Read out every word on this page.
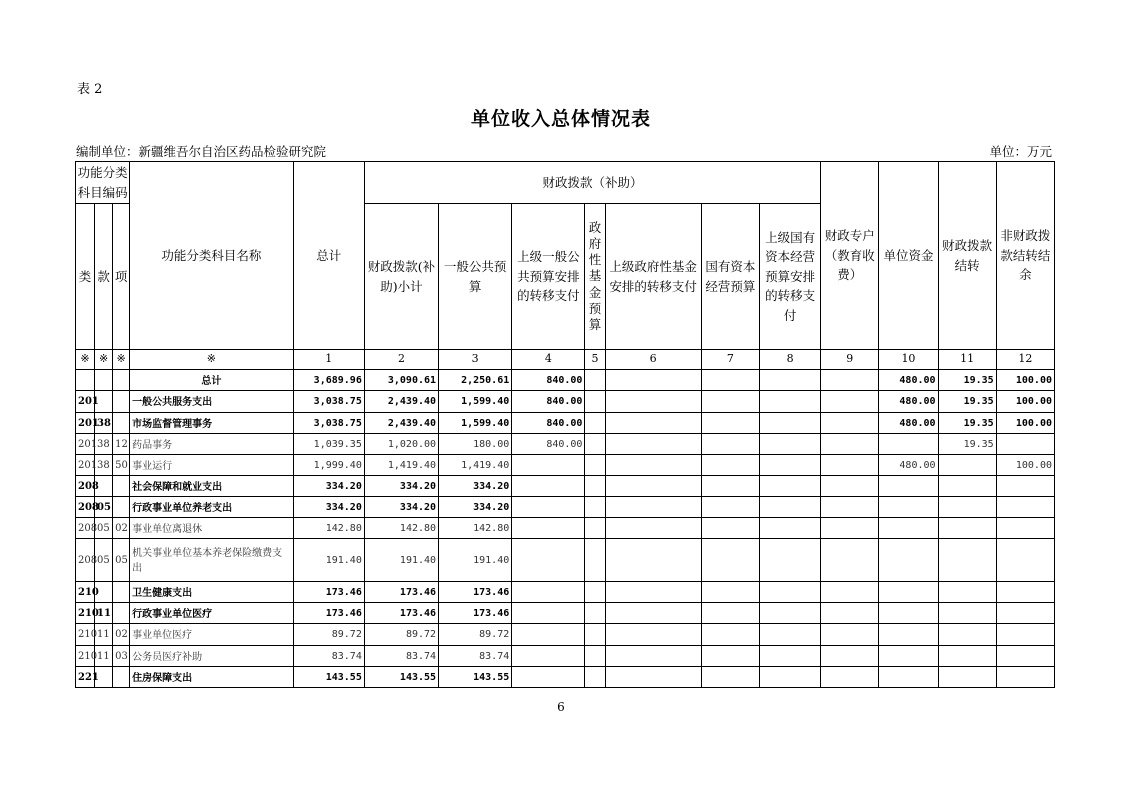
表 2
单位收入总体情况表
编制单位：新疆维吾尔自治区药品检验研究院	单位：万元
功能分类科目编码			功能分类科目名称	总计	财政拨款（补助）							财政专户（教育收费）	单位资金	财政拨款结转	非财政拨款结转结余
类	款	项			财政拨款(补助)小计	一般公共预算	上级一般公共预算安排的转移支付	政府性基金预算	上级政府性基金安排的转移支付	国有资本经营预算	上级国有资本经营预算安排的转移支付				
※	※	※	※	1	2	3	4	5	6	7	8	9	10	11	12

			总计	3,689.96	3,090.61	2,250.61	840.00						480.00	19.35	100.00
201			一般公共服务支出	3,038.75	2,439.40	1,599.40	840.00						480.00	19.35	100.00
201	38		市场监督管理事务	3,038.75	2,439.40	1,599.40	840.00						480.00	19.35	100.00
201	38	12	药品事务	1,039.35	1,020.00	180.00	840.00							19.35	
201	38	50	事业运行	1,999.40	1,419.40	1,419.40							480.00		100.00
208			社会保障和就业支出	334.20	334.20	334.20									
208	05		行政事业单位养老支出	334.20	334.20	334.20									
208	05	02	事业单位离退休	142.80	142.80	142.80									
208	05	05	机关事业单位基本养老保险缴费支出	191.40	191.40	191.40									
210			卫生健康支出	173.46	173.46	173.46									
210	11		行政事业单位医疗	173.46	173.46	173.46									
210	11	02	事业单位医疗	89.72	89.72	89.72									
210	11	03	公务员医疗补助	83.74	83.74	83.74									
221			住房保障支出	143.55	143.55	143.55									
6
